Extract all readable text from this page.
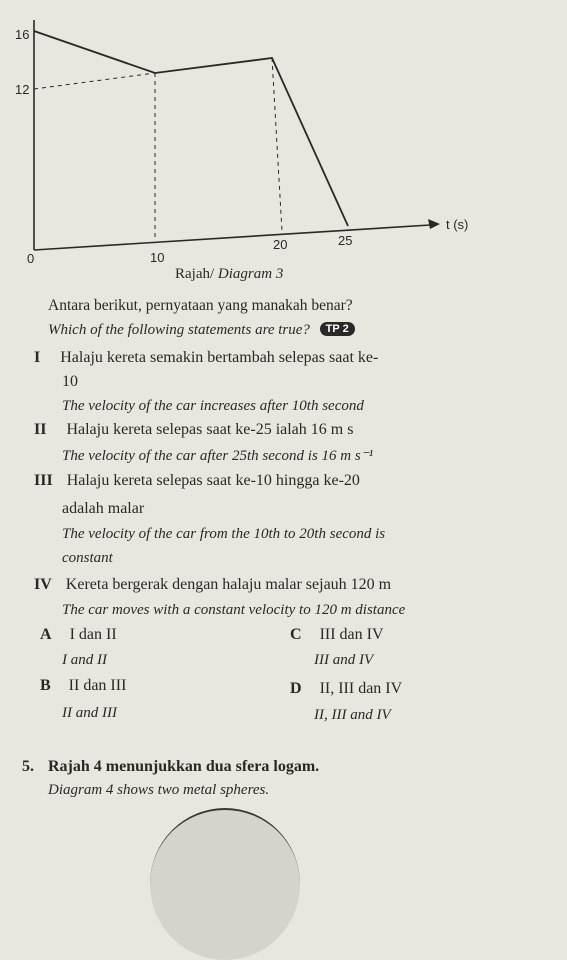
16
12
0	10
20	25
t (s)
Rajah/ Diagram 3
Antara berikut, pernyataan yang manakah benar?
Which of the following statements are true? TP 2
I Halaju kereta semakin bertambah selepas saat ke-
10
The velocity of the car increases after 10th second
II Halaju kereta selepas saat ke-25 ialah 16 m s
The velocity of the car after 25th second is 16 m s⁻¹
III Halaju kereta selepas saat ke-10 hingga ke-20
adalah malar
The velocity of the car from the 10th to 20th second is
constant
IV Kereta bergerak dengan halaju malar sejauh 120 m
The car moves with a constant velocity to 120 m distance
A I dan II
I and II
C III dan IV
III and IV
B II dan III
II and III
D II, III dan IV
II, III and IV
5. Rajah 4 menunjukkan dua sfera logam.
Diagram 4 shows two metal spheres.
